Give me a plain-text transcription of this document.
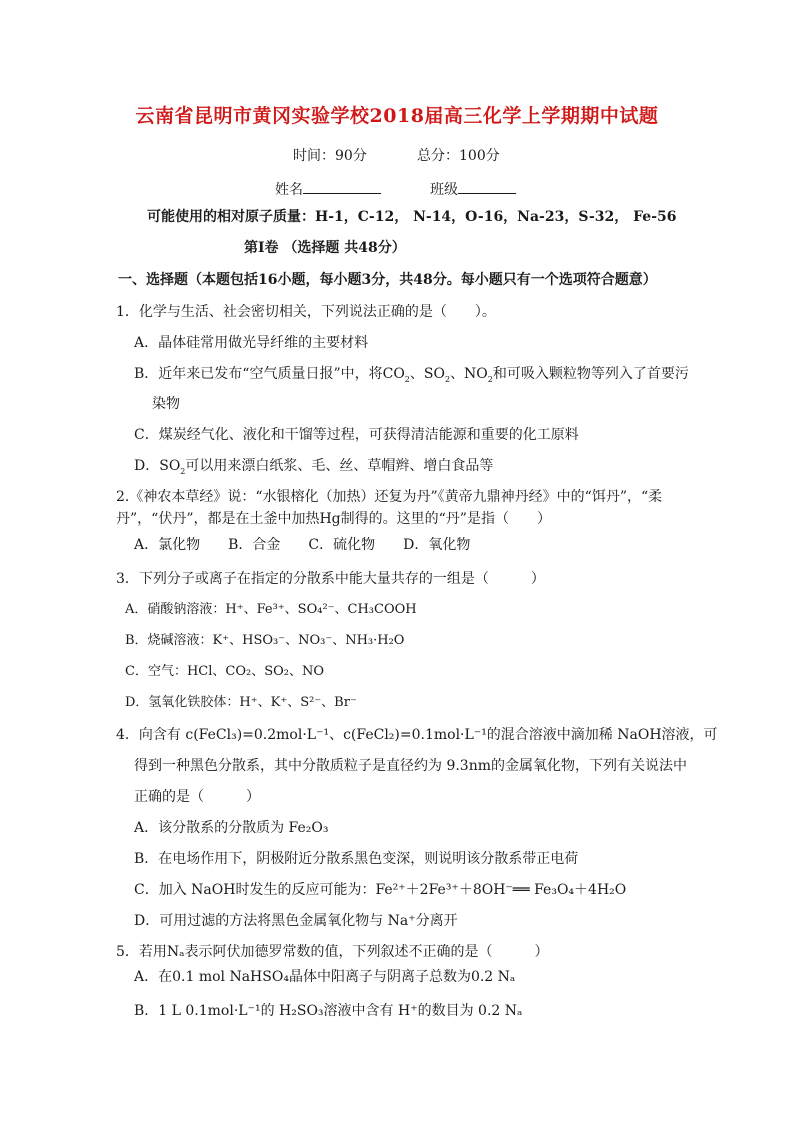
云南省昆明市黄冈实验学校2018届高三化学上学期期中试题
时间：90分	总分：100分
姓名	班级
可能使用的相对原子质量：H-1，C-12， N-14，O-16，Na-23，S-32， Fe-56
第Ⅰ卷 （选择题 共48分）
一、选择题（本题包括16小题，每小题3分，共48分。每小题只有一个选项符合题意）
1．化学与生活、社会密切相关，下列说法正确的是（　　）。
A．晶体硅常用做光导纤维的主要材料
B．近年来已发布“空气质量日报”中，将$CO_2$、$SO_2$、$NO_2$和可吸入颗粒物等列入了首要污
染物
C．煤炭经气化、液化和干馏等过程，可获得清洁能源和重要的化工原料
D．$SO_2$可以用来漂白纸浆、毛、丝、草帽辫、增白食品等
2.《神农本草经》说：“水银榕化（加热）还复为丹”《黄帝九鼎神丹经》中的“饵丹”，“柔
丹”，“伏丹”，都是在土釜中加热Hg制得的。这里的“丹”是指（　　）
A．氯化物　　B．合金　　C．硫化物　　D．氧化物
3．下列分子或离子在指定的分散系中能大量共存的一组是（　　　）
A．硝酸钠溶液：H⁺、Fe³⁺、SO₄²⁻、CH₃COOH
B．烧碱溶液：K⁺、HSO₃⁻、NO₃⁻、NH₃·H₂O
C．空气：HCl、CO₂、SO₂、NO
D．氢氧化铁胶体：H⁺、K⁺、S²⁻、Br⁻
4．向含有 c(FeCl₃)=0.2mol·L⁻¹、c(FeCl₂)=0.1mol·L⁻¹的混合溶液中滴加稀 NaOH溶液，可
得到一种黑色分散系，其中分散质粒子是直径约为 9.3nm的金属氧化物，下列有关说法中
正确的是（　　　）
A．该分散系的分散质为 Fe₂O₃
B．在电场作用下，阴极附近分散系黑色变深，则说明该分散系带正电荷
C．加入 NaOH时发生的反应可能为：Fe²⁺＋2Fe³⁺＋8OH⁻══ Fe₃O₄＋4H₂O
D．可用过滤的方法将黑色金属氧化物与 Na⁺分离开
5．若用Nₐ表示阿伏加德罗常数的值，下列叙述不正确的是（　　　）
A．在0.1 mol NaHSO₄晶体中阳离子与阴离子总数为0.2 Nₐ
B．1 L 0.1mol·L⁻¹的 H₂SO₃溶液中含有 H⁺的数目为 0.2 Nₐ
